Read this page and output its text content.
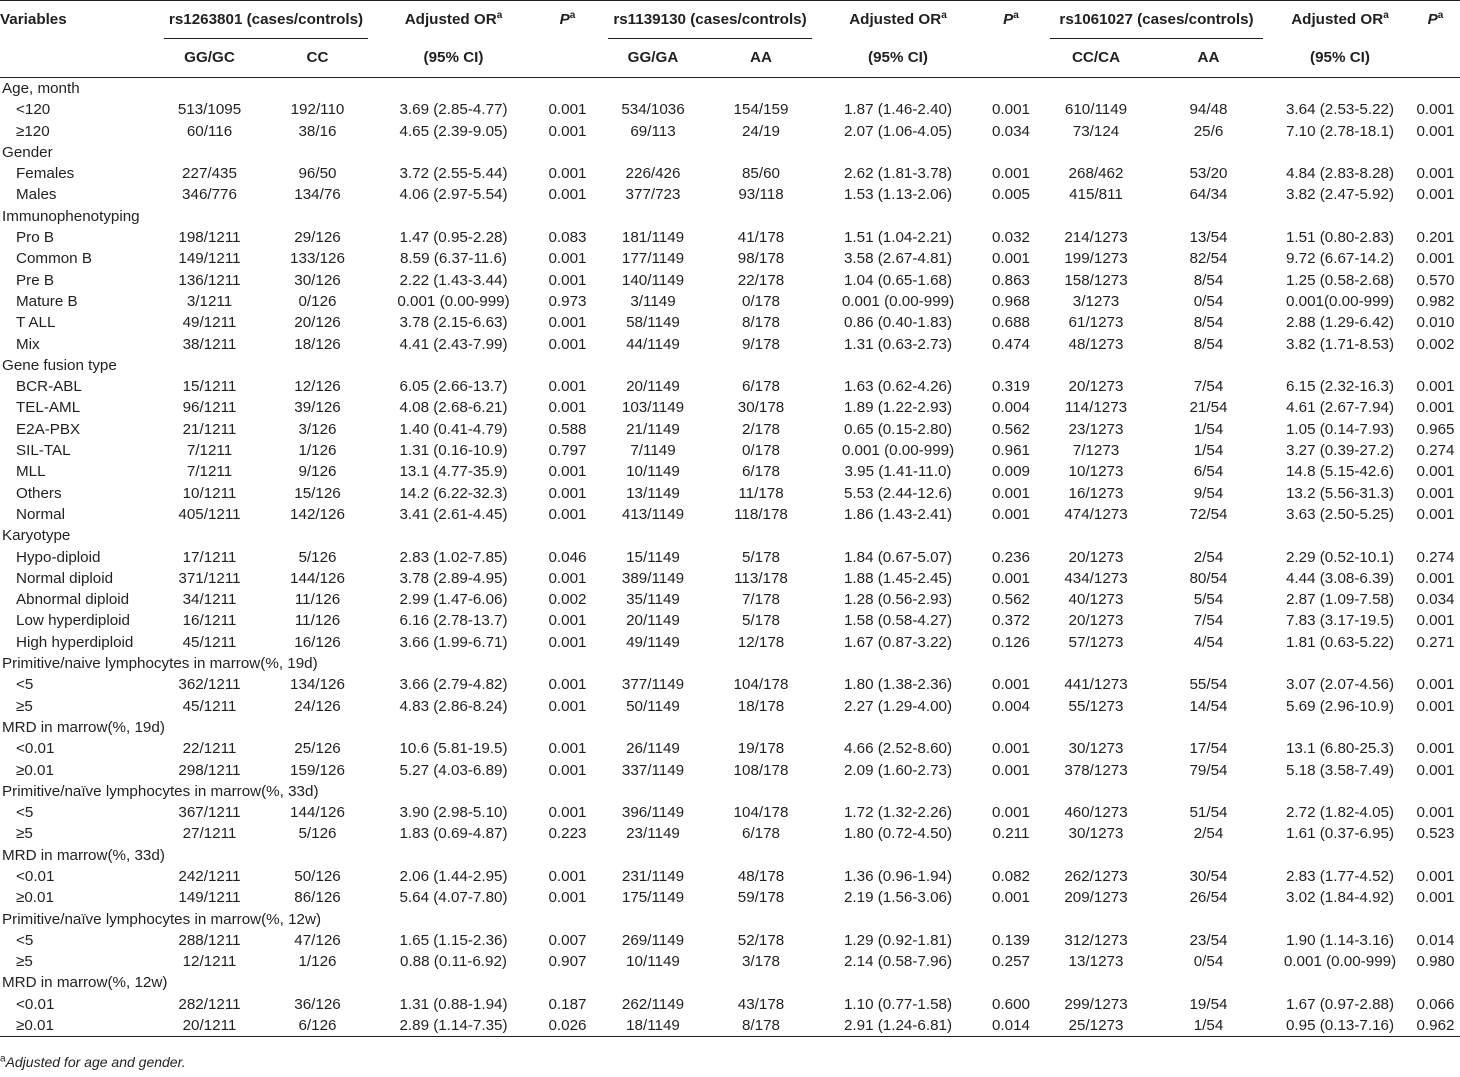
Variables	rs1263801 (cases/controls)		Adjusted $OR^a$	$P^a$	rs1139130 (cases/controls)		Adjusted $OR^a$	$P^a$	rs1061027 (cases/controls)		Adjusted $OR^a$	$P^a$
	GG/GC	CC	(95% CI)		GG/GA	AA	(95% CI)		CC/CA	AA	(95% CI)	
Age, month												
<120	513/1095	192/110	3.69 (2.85-4.77)	0.001	534/1036	154/159	1.87 (1.46-2.40)	0.001	610/1149	94/48	3.64 (2.53-5.22)	0.001
≥120	60/116	38/16	4.65 (2.39-9.05)	0.001	69/113	24/19	2.07 (1.06-4.05)	0.034	73/124	25/6	7.10 (2.78-18.1)	0.001
Gender												
Females	227/435	96/50	3.72 (2.55-5.44)	0.001	226/426	85/60	2.62 (1.81-3.78)	0.001	268/462	53/20	4.84 (2.83-8.28)	0.001
Males	346/776	134/76	4.06 (2.97-5.54)	0.001	377/723	93/118	1.53 (1.13-2.06)	0.005	415/811	64/34	3.82 (2.47-5.92)	0.001
Immunophenotyping												
Pro B	198/1211	29/126	1.47 (0.95-2.28)	0.083	181/1149	41/178	1.51 (1.04-2.21)	0.032	214/1273	13/54	1.51 (0.80-2.83)	0.201
Common B	149/1211	133/126	8.59 (6.37-11.6)	0.001	177/1149	98/178	3.58 (2.67-4.81)	0.001	199/1273	82/54	9.72 (6.67-14.2)	0.001
Pre B	136/1211	30/126	2.22 (1.43-3.44)	0.001	140/1149	22/178	1.04 (0.65-1.68)	0.863	158/1273	8/54	1.25 (0.58-2.68)	0.570
Mature B	3/1211	0/126	0.001 (0.00-999)	0.973	3/1149	0/178	0.001 (0.00-999)	0.968	3/1273	0/54	0.001(0.00-999)	0.982
T ALL	49/1211	20/126	3.78 (2.15-6.63)	0.001	58/1149	8/178	0.86 (0.40-1.83)	0.688	61/1273	8/54	2.88 (1.29-6.42)	0.010
Mix	38/1211	18/126	4.41 (2.43-7.99)	0.001	44/1149	9/178	1.31 (0.63-2.73)	0.474	48/1273	8/54	3.82 (1.71-8.53)	0.002
Gene fusion type												
BCR-ABL	15/1211	12/126	6.05 (2.66-13.7)	0.001	20/1149	6/178	1.63 (0.62-4.26)	0.319	20/1273	7/54	6.15 (2.32-16.3)	0.001
TEL-AML	96/1211	39/126	4.08 (2.68-6.21)	0.001	103/1149	30/178	1.89 (1.22-2.93)	0.004	114/1273	21/54	4.61 (2.67-7.94)	0.001
E2A-PBX	21/1211	3/126	1.40 (0.41-4.79)	0.588	21/1149	2/178	0.65 (0.15-2.80)	0.562	23/1273	1/54	1.05 (0.14-7.93)	0.965
SIL-TAL	7/1211	1/126	1.31 (0.16-10.9)	0.797	7/1149	0/178	0.001 (0.00-999)	0.961	7/1273	1/54	3.27 (0.39-27.2)	0.274
MLL	7/1211	9/126	13.1 (4.77-35.9)	0.001	10/1149	6/178	3.95 (1.41-11.0)	0.009	10/1273	6/54	14.8 (5.15-42.6)	0.001
Others	10/1211	15/126	14.2 (6.22-32.3)	0.001	13/1149	11/178	5.53 (2.44-12.6)	0.001	16/1273	9/54	13.2 (5.56-31.3)	0.001
Normal	405/1211	142/126	3.41 (2.61-4.45)	0.001	413/1149	118/178	1.86 (1.43-2.41)	0.001	474/1273	72/54	3.63 (2.50-5.25)	0.001
Karyotype												
Hypo-diploid	17/1211	5/126	2.83 (1.02-7.85)	0.046	15/1149	5/178	1.84 (0.67-5.07)	0.236	20/1273	2/54	2.29 (0.52-10.1)	0.274
Normal diploid	371/1211	144/126	3.78 (2.89-4.95)	0.001	389/1149	113/178	1.88 (1.45-2.45)	0.001	434/1273	80/54	4.44 (3.08-6.39)	0.001
Abnormal diploid	34/1211	11/126	2.99 (1.47-6.06)	0.002	35/1149	7/178	1.28 (0.56-2.93)	0.562	40/1273	5/54	2.87 (1.09-7.58)	0.034
Low hyperdiploid	16/1211	11/126	6.16 (2.78-13.7)	0.001	20/1149	5/178	1.58 (0.58-4.27)	0.372	20/1273	7/54	7.83 (3.17-19.5)	0.001
High hyperdiploid	45/1211	16/126	3.66 (1.99-6.71)	0.001	49/1149	12/178	1.67 (0.87-3.22)	0.126	57/1273	4/54	1.81 (0.63-5.22)	0.271
Primitive/naive lymphocytes in marrow(%, 19d)												
<5	362/1211	134/126	3.66 (2.79-4.82)	0.001	377/1149	104/178	1.80 (1.38-2.36)	0.001	441/1273	55/54	3.07 (2.07-4.56)	0.001
≥5	45/1211	24/126	4.83 (2.86-8.24)	0.001	50/1149	18/178	2.27 (1.29-4.00)	0.004	55/1273	14/54	5.69 (2.96-10.9)	0.001
MRD in marrow(%, 19d)												
<0.01	22/1211	25/126	10.6 (5.81-19.5)	0.001	26/1149	19/178	4.66 (2.52-8.60)	0.001	30/1273	17/54	13.1 (6.80-25.3)	0.001
≥0.01	298/1211	159/126	5.27 (4.03-6.89)	0.001	337/1149	108/178	2.09 (1.60-2.73)	0.001	378/1273	79/54	5.18 (3.58-7.49)	0.001
Primitive/naïve lymphocytes in marrow(%, 33d)												
<5	367/1211	144/126	3.90 (2.98-5.10)	0.001	396/1149	104/178	1.72 (1.32-2.26)	0.001	460/1273	51/54	2.72 (1.82-4.05)	0.001
≥5	27/1211	5/126	1.83 (0.69-4.87)	0.223	23/1149	6/178	1.80 (0.72-4.50)	0.211	30/1273	2/54	1.61 (0.37-6.95)	0.523
MRD in marrow(%, 33d)												
<0.01	242/1211	50/126	2.06 (1.44-2.95)	0.001	231/1149	48/178	1.36 (0.96-1.94)	0.082	262/1273	30/54	2.83 (1.77-4.52)	0.001
≥0.01	149/1211	86/126	5.64 (4.07-7.80)	0.001	175/1149	59/178	2.19 (1.56-3.06)	0.001	209/1273	26/54	3.02 (1.84-4.92)	0.001
Primitive/naïve lymphocytes in marrow(%, 12w)												
<5	288/1211	47/126	1.65 (1.15-2.36)	0.007	269/1149	52/178	1.29 (0.92-1.81)	0.139	312/1273	23/54	1.90 (1.14-3.16)	0.014
≥5	12/1211	1/126	0.88 (0.11-6.92)	0.907	10/1149	3/178	2.14 (0.58-7.96)	0.257	13/1273	0/54	0.001 (0.00-999)	0.980
MRD in marrow(%, 12w)												
<0.01	282/1211	36/126	1.31 (0.88-1.94)	0.187	262/1149	43/178	1.10 (0.77-1.58)	0.600	299/1273	19/54	1.67 (0.97-2.88)	0.066
≥0.01	20/1211	6/126	2.89 (1.14-7.35)	0.026	18/1149	8/178	2.91 (1.24-6.81)	0.014	25/1273	1/54	0.95 (0.13-7.16)	0.962
$^a$Adjusted for age and gender.
